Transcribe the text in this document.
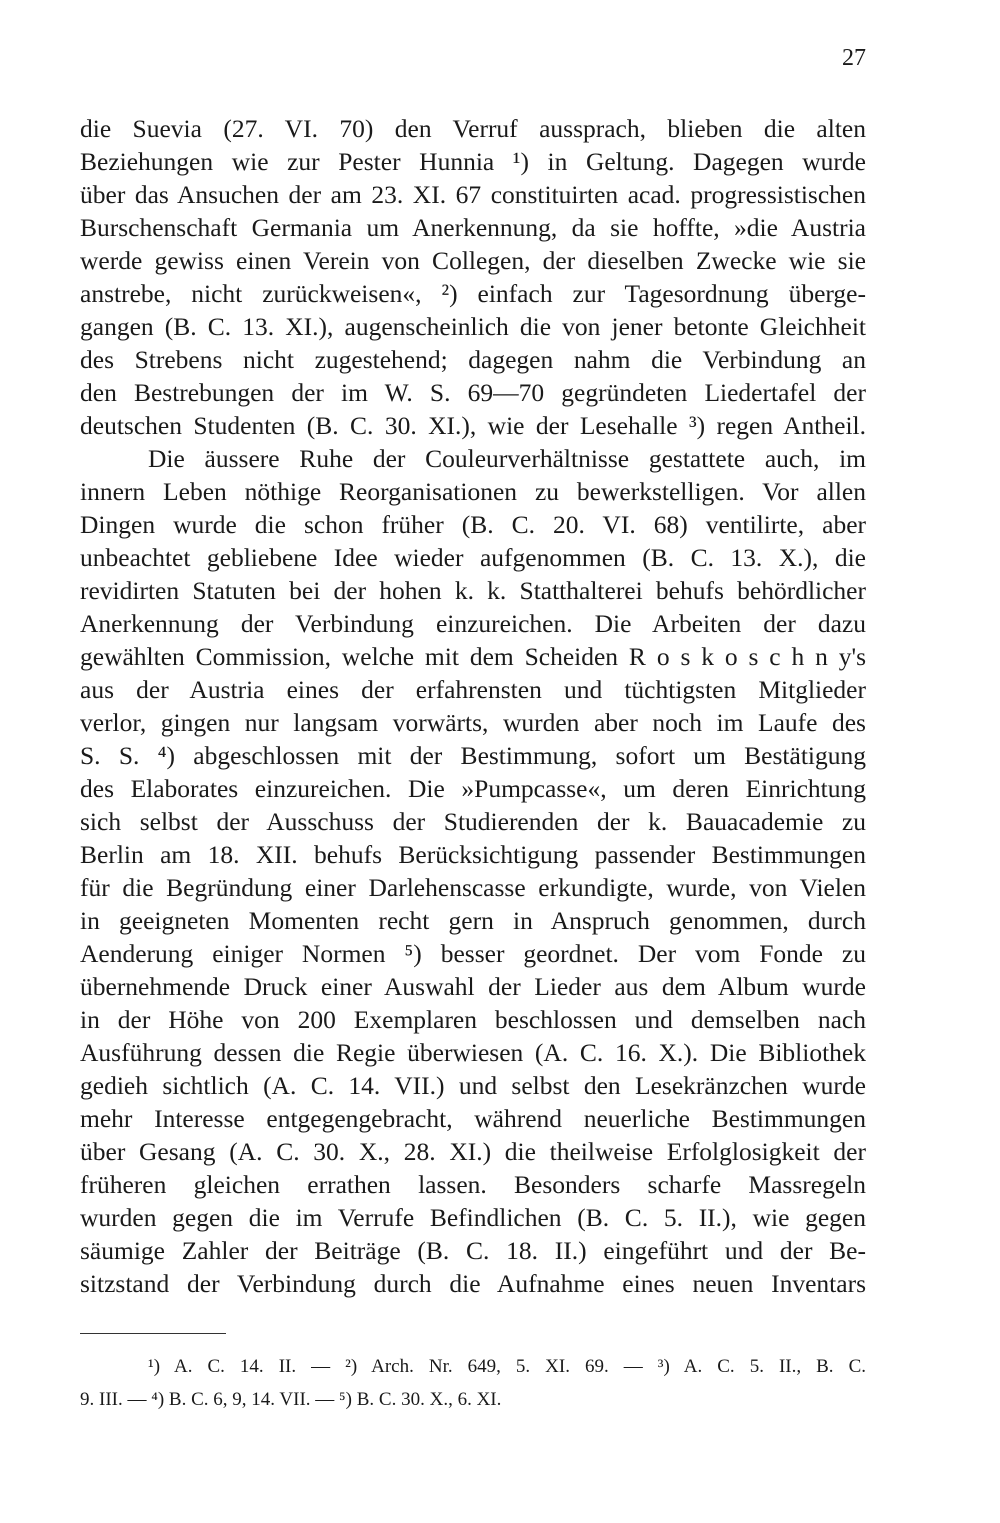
27
die Suevia (27. VI. 70) den Verruf aussprach, blieben die alten
Beziehungen wie zur Pester Hunnia ¹) in Geltung. Dagegen wurde
über das Ansuchen der am 23. XI. 67 constituirten acad. progressistischen
Burschenschaft Germania um Anerkennung, da sie hoffte, »die Austria
werde gewiss einen Verein von Collegen, der dieselben Zwecke wie sie
anstrebe, nicht zurückweisen«, ²) einfach zur Tagesordnung überge-
gangen (B. C. 13. XI.), augenscheinlich die von jener betonte Gleichheit
des Strebens nicht zugestehend; dagegen nahm die Verbindung an
den Bestrebungen der im W. S. 69—70 gegründeten Liedertafel der
deutschen Studenten (B. C. 30. XI.), wie der Lesehalle ³) regen Antheil.
Die äussere Ruhe der Couleurverhältnisse gestattete auch, im
innern Leben nöthige Reorganisationen zu bewerkstelligen. Vor allen
Dingen wurde die schon früher (B. C. 20. VI. 68) ventilirte, aber
unbeachtet gebliebene Idee wieder aufgenommen (B. C. 13. X.), die
revidirten Statuten bei der hohen k. k. Statthalterei behufs behördlicher
Anerkennung der Verbindung einzureichen. Die Arbeiten der dazu
gewählten Commission, welche mit dem Scheiden R o s k o s c h n y's
aus der Austria eines der erfahrensten und tüchtigsten Mitglieder
verlor, gingen nur langsam vorwärts, wurden aber noch im Laufe des
S. S. ⁴) abgeschlossen mit der Bestimmung, sofort um Bestätigung
des Elaborates einzureichen. Die »Pumpcasse«, um deren Einrichtung
sich selbst der Ausschuss der Studierenden der k. Bauacademie zu
Berlin am 18. XII. behufs Berücksichtigung passender Bestimmungen
für die Begründung einer Darlehenscasse erkundigte, wurde, von Vielen
in geeigneten Momenten recht gern in Anspruch genommen, durch
Aenderung einiger Normen ⁵) besser geordnet. Der vom Fonde zu
übernehmende Druck einer Auswahl der Lieder aus dem Album wurde
in der Höhe von 200 Exemplaren beschlossen und demselben nach
Ausführung dessen die Regie überwiesen (A. C. 16. X.). Die Bibliothek
gedieh sichtlich (A. C. 14. VII.) und selbst den Lesekränzchen wurde
mehr Interesse entgegengebracht, während neuerliche Bestimmungen
über Gesang (A. C. 30. X., 28. XI.) die theilweise Erfolglosigkeit der
früheren gleichen errathen lassen. Besonders scharfe Massregeln
wurden gegen die im Verrufe Befindlichen (B. C. 5. II.), wie gegen
säumige Zahler der Beiträge (B. C. 18. II.) eingeführt und der Be-
sitzstand der Verbindung durch die Aufnahme eines neuen Inventars
¹) A. C. 14. II. — ²) Arch. Nr. 649, 5. XI. 69. — ³) A. C. 5. II., B. C.
9. III. — ⁴) B. C. 6, 9, 14. VII. — ⁵) B. C. 30. X., 6. XI.
